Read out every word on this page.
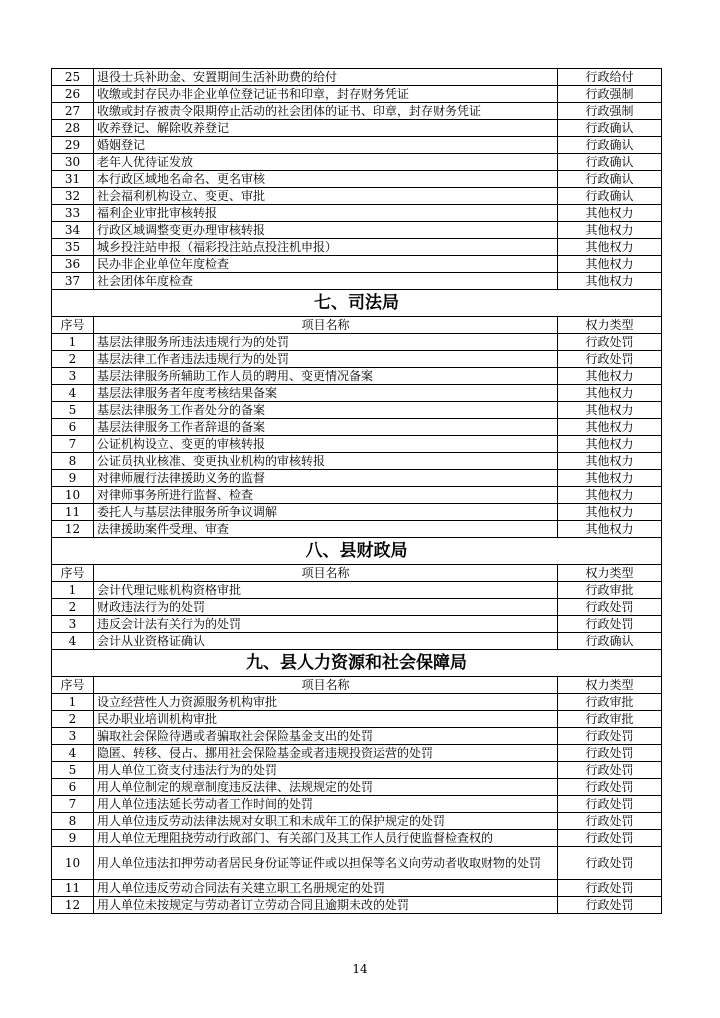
25	退役士兵补助金、安置期间生活补助费的给付	行政给付
26	收缴或封存民办非企业单位登记证书和印章，封存财务凭证	行政强制
27	收缴或封存被责令限期停止活动的社会团体的证书、印章，封存财务凭证	行政强制
28	收养登记、解除收养登记	行政确认
29	婚姻登记	行政确认
30	老年人优待证发放	行政确认
31	本行政区域地名命名、更名审核	行政确认
32	社会福利机构设立、变更、审批	行政确认
33	福利企业审批审核转报	其他权力
34	行政区域调整变更办理审核转报	其他权力
35	城乡投注站申报（福彩投注站点投注机申报）	其他权力
36	民办非企业单位年度检查	其他权力
37	社会团体年度检查	其他权力
七、司法局		
序号	项目名称	权力类型
1	基层法律服务所违法违规行为的处罚	行政处罚
2	基层法律工作者违法违规行为的处罚	行政处罚
3	基层法律服务所辅助工作人员的聘用、变更情况备案	其他权力
4	基层法律服务者年度考核结果备案	其他权力
5	基层法律服务工作者处分的备案	其他权力
6	基层法律服务工作者辞退的备案	其他权力
7	公证机构设立、变更的审核转报	其他权力
8	公证员执业核准、变更执业机构的审核转报	其他权力
9	对律师履行法律援助义务的监督	其他权力
10	对律师事务所进行监督、检查	其他权力
11	委托人与基层法律服务所争议调解	其他权力
12	法律援助案件受理、审查	其他权力
八、县财政局		
序号	项目名称	权力类型
1	会计代理记账机构资格审批	行政审批
2	财政违法行为的处罚	行政处罚
3	违反会计法有关行为的处罚	行政处罚
4	会计从业资格证确认	行政确认
九、县人力资源和社会保障局		
序号	项目名称	权力类型
1	设立经营性人力资源服务机构审批	行政审批
2	民办职业培训机构审批	行政审批
3	骗取社会保险待遇或者骗取社会保险基金支出的处罚	行政处罚
4	隐匿、转移、侵占、挪用社会保险基金或者违规投资运营的处罚	行政处罚
5	用人单位工资支付违法行为的处罚	行政处罚
6	用人单位制定的规章制度违反法律、法规规定的处罚	行政处罚
7	用人单位违法延长劳动者工作时间的处罚	行政处罚
8	用人单位违反劳动法律法规对女职工和未成年工的保护规定的处罚	行政处罚
9	用人单位无理阻挠劳动行政部门、有关部门及其工作人员行使监督检查权的	行政处罚
10	用人单位违法扣押劳动者居民身份证等证件或以担保等名义向劳动者收取财物的处罚	行政处罚
11	用人单位违反劳动合同法有关建立职工名册规定的处罚	行政处罚
12	用人单位未按规定与劳动者订立劳动合同且逾期未改的处罚	行政处罚
14
